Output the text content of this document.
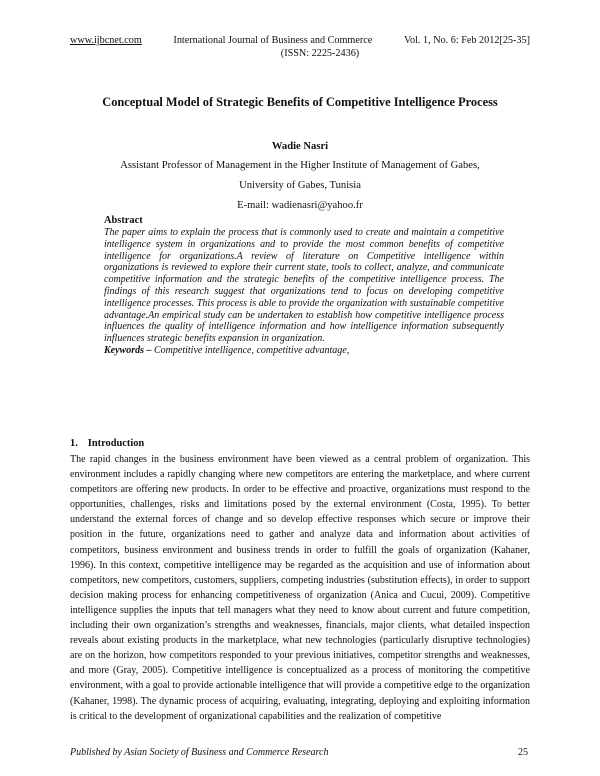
www.ijbcnet.com	International Journal of Business and Commerce	Vol. 1, No. 6: Feb 2012[25-35]
(ISSN: 2225-2436)
Conceptual Model of Strategic Benefits of Competitive Intelligence Process
Wadie Nasri
Assistant Professor of Management in the Higher Institute of Management of Gabes,
University of Gabes, Tunisia
E-mail: wadienasri@yahoo.fr
Abstract
The paper aims to explain the process that is commonly used to create and maintain a competitive intelligence system in organizations and to provide the most common benefits of competitive intelligence for organizations.A review of literature on Competitive intelligence within organizations is reviewed to explore their current state, tools to collect, analyze, and communicate competitive information and the strategic benefits of the competitive intelligence process. The findings of this research suggest that organizations tend to focus on developing competitive intelligence processes. This process is able to provide the organization with sustainable competitive advantage.An empirical study can be undertaken to establish how competitive intelligence process influences the quality of intelligence information and how intelligence information subsequently influences strategic benefits expansion in organization.
Keywords – Competitive intelligence, competitive advantage,
1. Introduction
The rapid changes in the business environment have been viewed as a central problem of organization. This environment includes a rapidly changing where new competitors are entering the marketplace, and where current competitors are offering new products. In order to be effective and proactive, organizations must respond to the opportunities, challenges, risks and limitations posed by the external environment (Costa, 1995). To better understand the external forces of change and so develop effective responses which secure or improve their position in the future, organizations need to gather and analyze data and information about activities of competitors, business environment and business trends in order to fulfill the goals of organization (Kahaner, 1996). In this context, competitive intelligence may be regarded as the acquisition and use of information about competitors, new competitors, customers, suppliers, competing industries (substitution effects), in order to support decision making process for enhancing competitiveness of organization (Anica and Cucui, 2009). Competitive intelligence supplies the inputs that tell managers what they need to know about current and future competition, including their own organization’s strengths and weaknesses, financials, major clients, what detailed inspection reveals about existing products in the marketplace, what new technologies (particularly disruptive technologies) are on the horizon, how competitors responded to your previous initiatives, competitor strengths and weaknesses, and more (Gray, 2005). Competitive intelligence is conceptualized as a process of monitoring the competitive environment, with a goal to provide actionable intelligence that will provide a competitive edge to the organization (Kahaner, 1998). The dynamic process of acquiring, evaluating, integrating, deploying and exploiting information is critical to the development of organizational capabilities and the realization of competitive
Published by Asian Society of Business and Commerce Research	25
